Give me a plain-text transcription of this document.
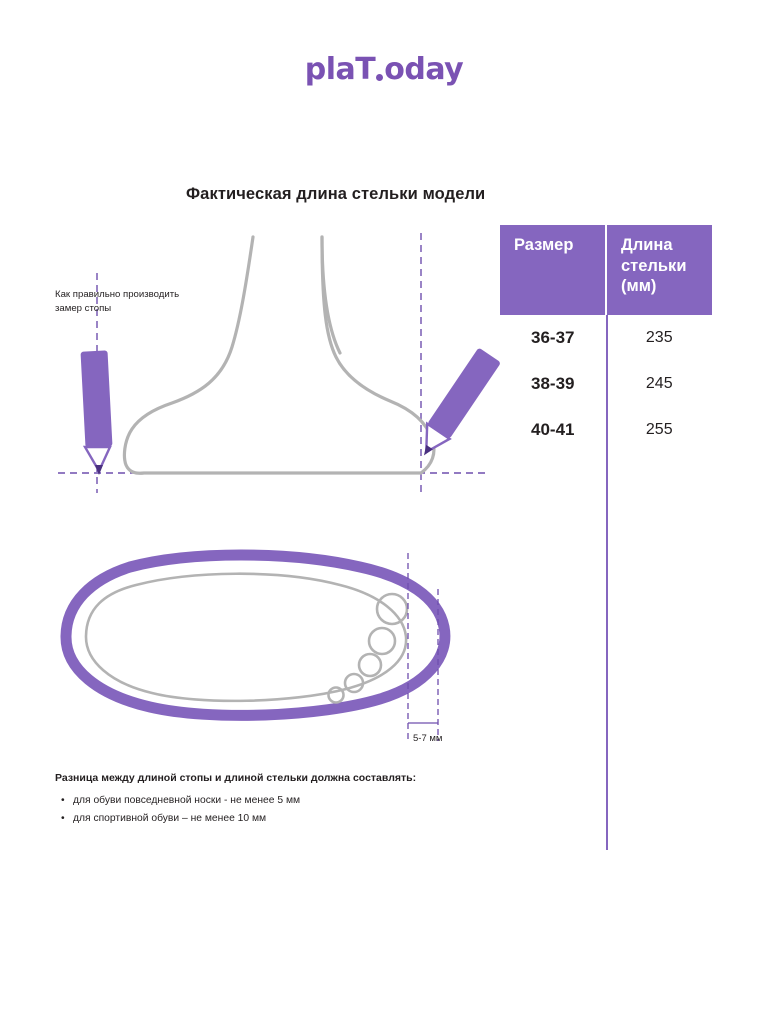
plaT oday
Фактическая длина стельки модели
Как правильно производить
замер стопы
5-7 мм
Размер	Длина
стельки
(мм)
36-37	235
38-39	245
40-41	255
Разница между длиной стопы и длиной стельки должна составлять:
• для обуви повседневной носки - не менее 5 мм
• для спортивной обуви – не менее 10 мм
